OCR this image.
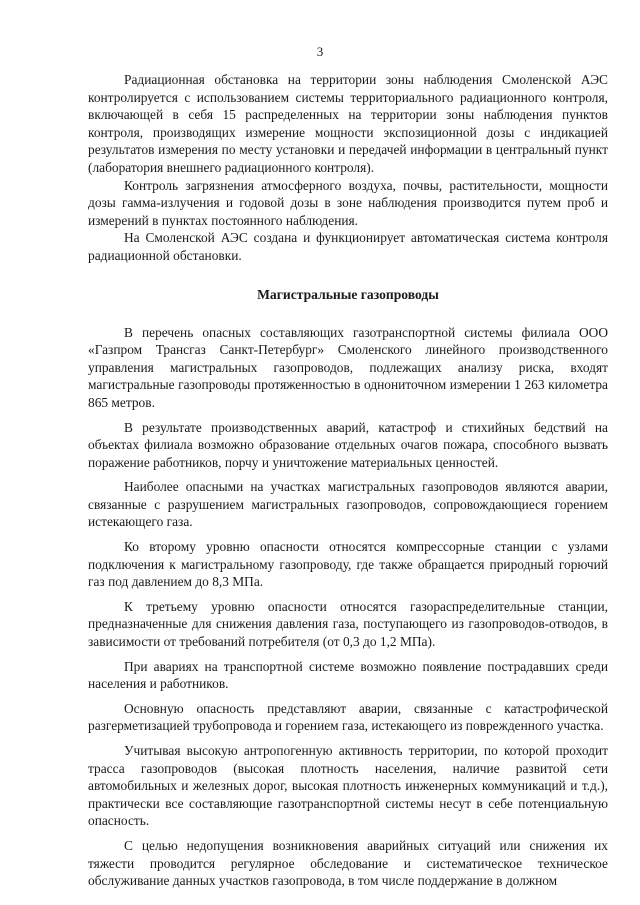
3

Радиационная обстановка на территории зоны наблюдения Смоленской АЭС контролируется с использованием системы территориального радиационного контроля, включающей в себя 15 распределенных на территории зоны наблюдения пунктов контроля, производящих измерение мощности экспозиционной дозы с индикацией результатов измерения по месту установки и передачей информации в центральный пункт (лаборатория внешнего радиационного контроля).

Контроль загрязнения атмосферного воздуха, почвы, растительности, мощности дозы гамма-излучения и годовой дозы в зоне наблюдения производится путем проб и измерений в пунктах постоянного наблюдения.

На Смоленской АЭС создана и функционирует автоматическая система контроля радиационной обстановки.

Магистральные газопроводы

В перечень опасных составляющих газотранспортной системы филиала ООО «Газпром Трансгаз Санкт-Петербург» Смоленского линейного производственного управления магистральных газопроводов, подлежащих анализу риска, входят магистральные газопроводы протяженностью в однониточном измерении 1 263 километра 865 метров.

В результате производственных аварий, катастроф и стихийных бедствий на объектах филиала возможно образование отдельных очагов пожара, способного вызвать поражение работников, порчу и уничтожение материальных ценностей.

Наиболее опасными на участках магистральных газопроводов являются аварии, связанные с разрушением магистральных газопроводов, сопровождающиеся горением истекающего газа.

Ко второму уровню опасности относятся компрессорные станции с узлами подключения к магистральному газопроводу, где также обращается природный горючий газ под давлением до 8,3 МПа.

К третьему уровню опасности относятся газораспределительные станции, предназначенные для снижения давления газа, поступающего из газопроводов-отводов, в зависимости от требований потребителя (от 0,3 до 1,2 МПа).

При авариях на транспортной системе возможно появление пострадавших среди населения и работников.

Основную опасность представляют аварии, связанные с катастрофической разгерметизацией трубопровода и горением газа, истекающего из поврежденного участка.

Учитывая высокую антропогенную активность территории, по которой проходит трасса газопроводов (высокая плотность населения, наличие развитой сети автомобильных и железных дорог, высокая плотность инженерных коммуникаций и т.д.), практически все составляющие газотранспортной системы несут в себе потенциальную опасность.

С целью недопущения возникновения аварийных ситуаций или снижения их тяжести проводится регулярное обследование и систематическое техническое обслуживание данных участков газопровода, в том числе поддержание в должном
